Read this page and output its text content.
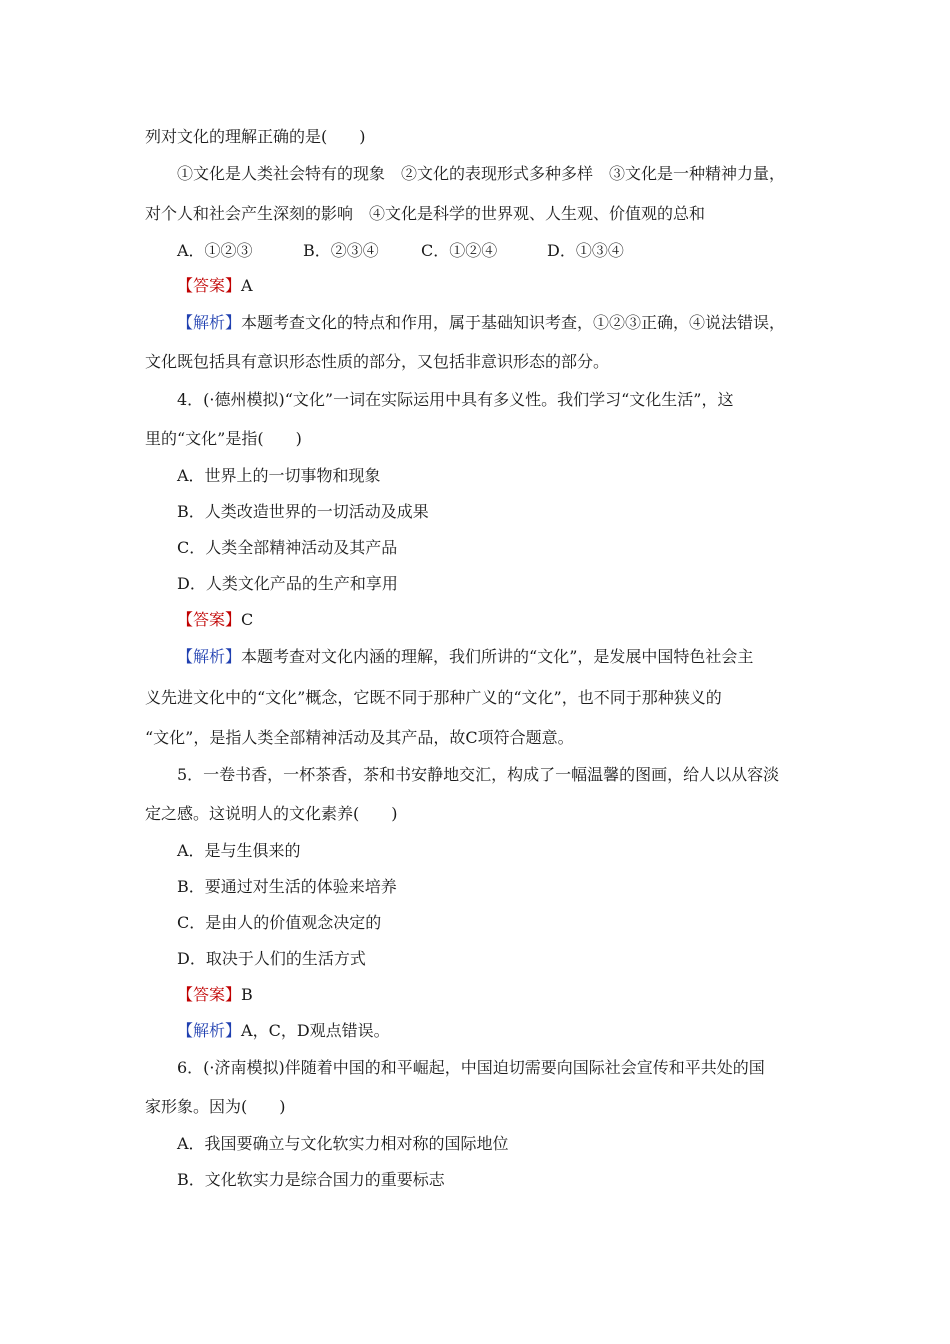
列对文化的理解正确的是(　　)
①文化是人类社会特有的现象　②文化的表现形式多种多样　③文化是一种精神力量，
对个人和社会产生深刻的影响　④文化是科学的世界观、人生观、价值观的总和
A．①②③	B．②③④	C．①②④	D．①③④
【答案】A
【解析】本题考查文化的特点和作用，属于基础知识考查，①②③正确，④说法错误，
文化既包括具有意识形态性质的部分，又包括非意识形态的部分。
4．(·德州模拟)“文化”一词在实际运用中具有多义性。我们学习“文化生活”，这
里的“文化”是指(　　)
A．世界上的一切事物和现象
B．人类改造世界的一切活动及成果
C．人类全部精神活动及其产品
D．人类文化产品的生产和享用
【答案】C
【解析】本题考查对文化内涵的理解，我们所讲的“文化”，是发展中国特色社会主
义先进文化中的“文化”概念，它既不同于那种广义的“文化”，也不同于那种狭义的
“文化”，是指人类全部精神活动及其产品，故C项符合题意。
5．一卷书香，一杯茶香，茶和书安静地交汇，构成了一幅温馨的图画，给人以从容淡
定之感。这说明人的文化素养(　　)
A．是与生俱来的
B．要通过对生活的体验来培养
C．是由人的价值观念决定的
D．取决于人们的生活方式
【答案】B
【解析】A，C，D观点错误。
6．(·济南模拟)伴随着中国的和平崛起，中国迫切需要向国际社会宣传和平共处的国
家形象。因为(　　)
A．我国要确立与文化软实力相对称的国际地位
B．文化软实力是综合国力的重要标志
